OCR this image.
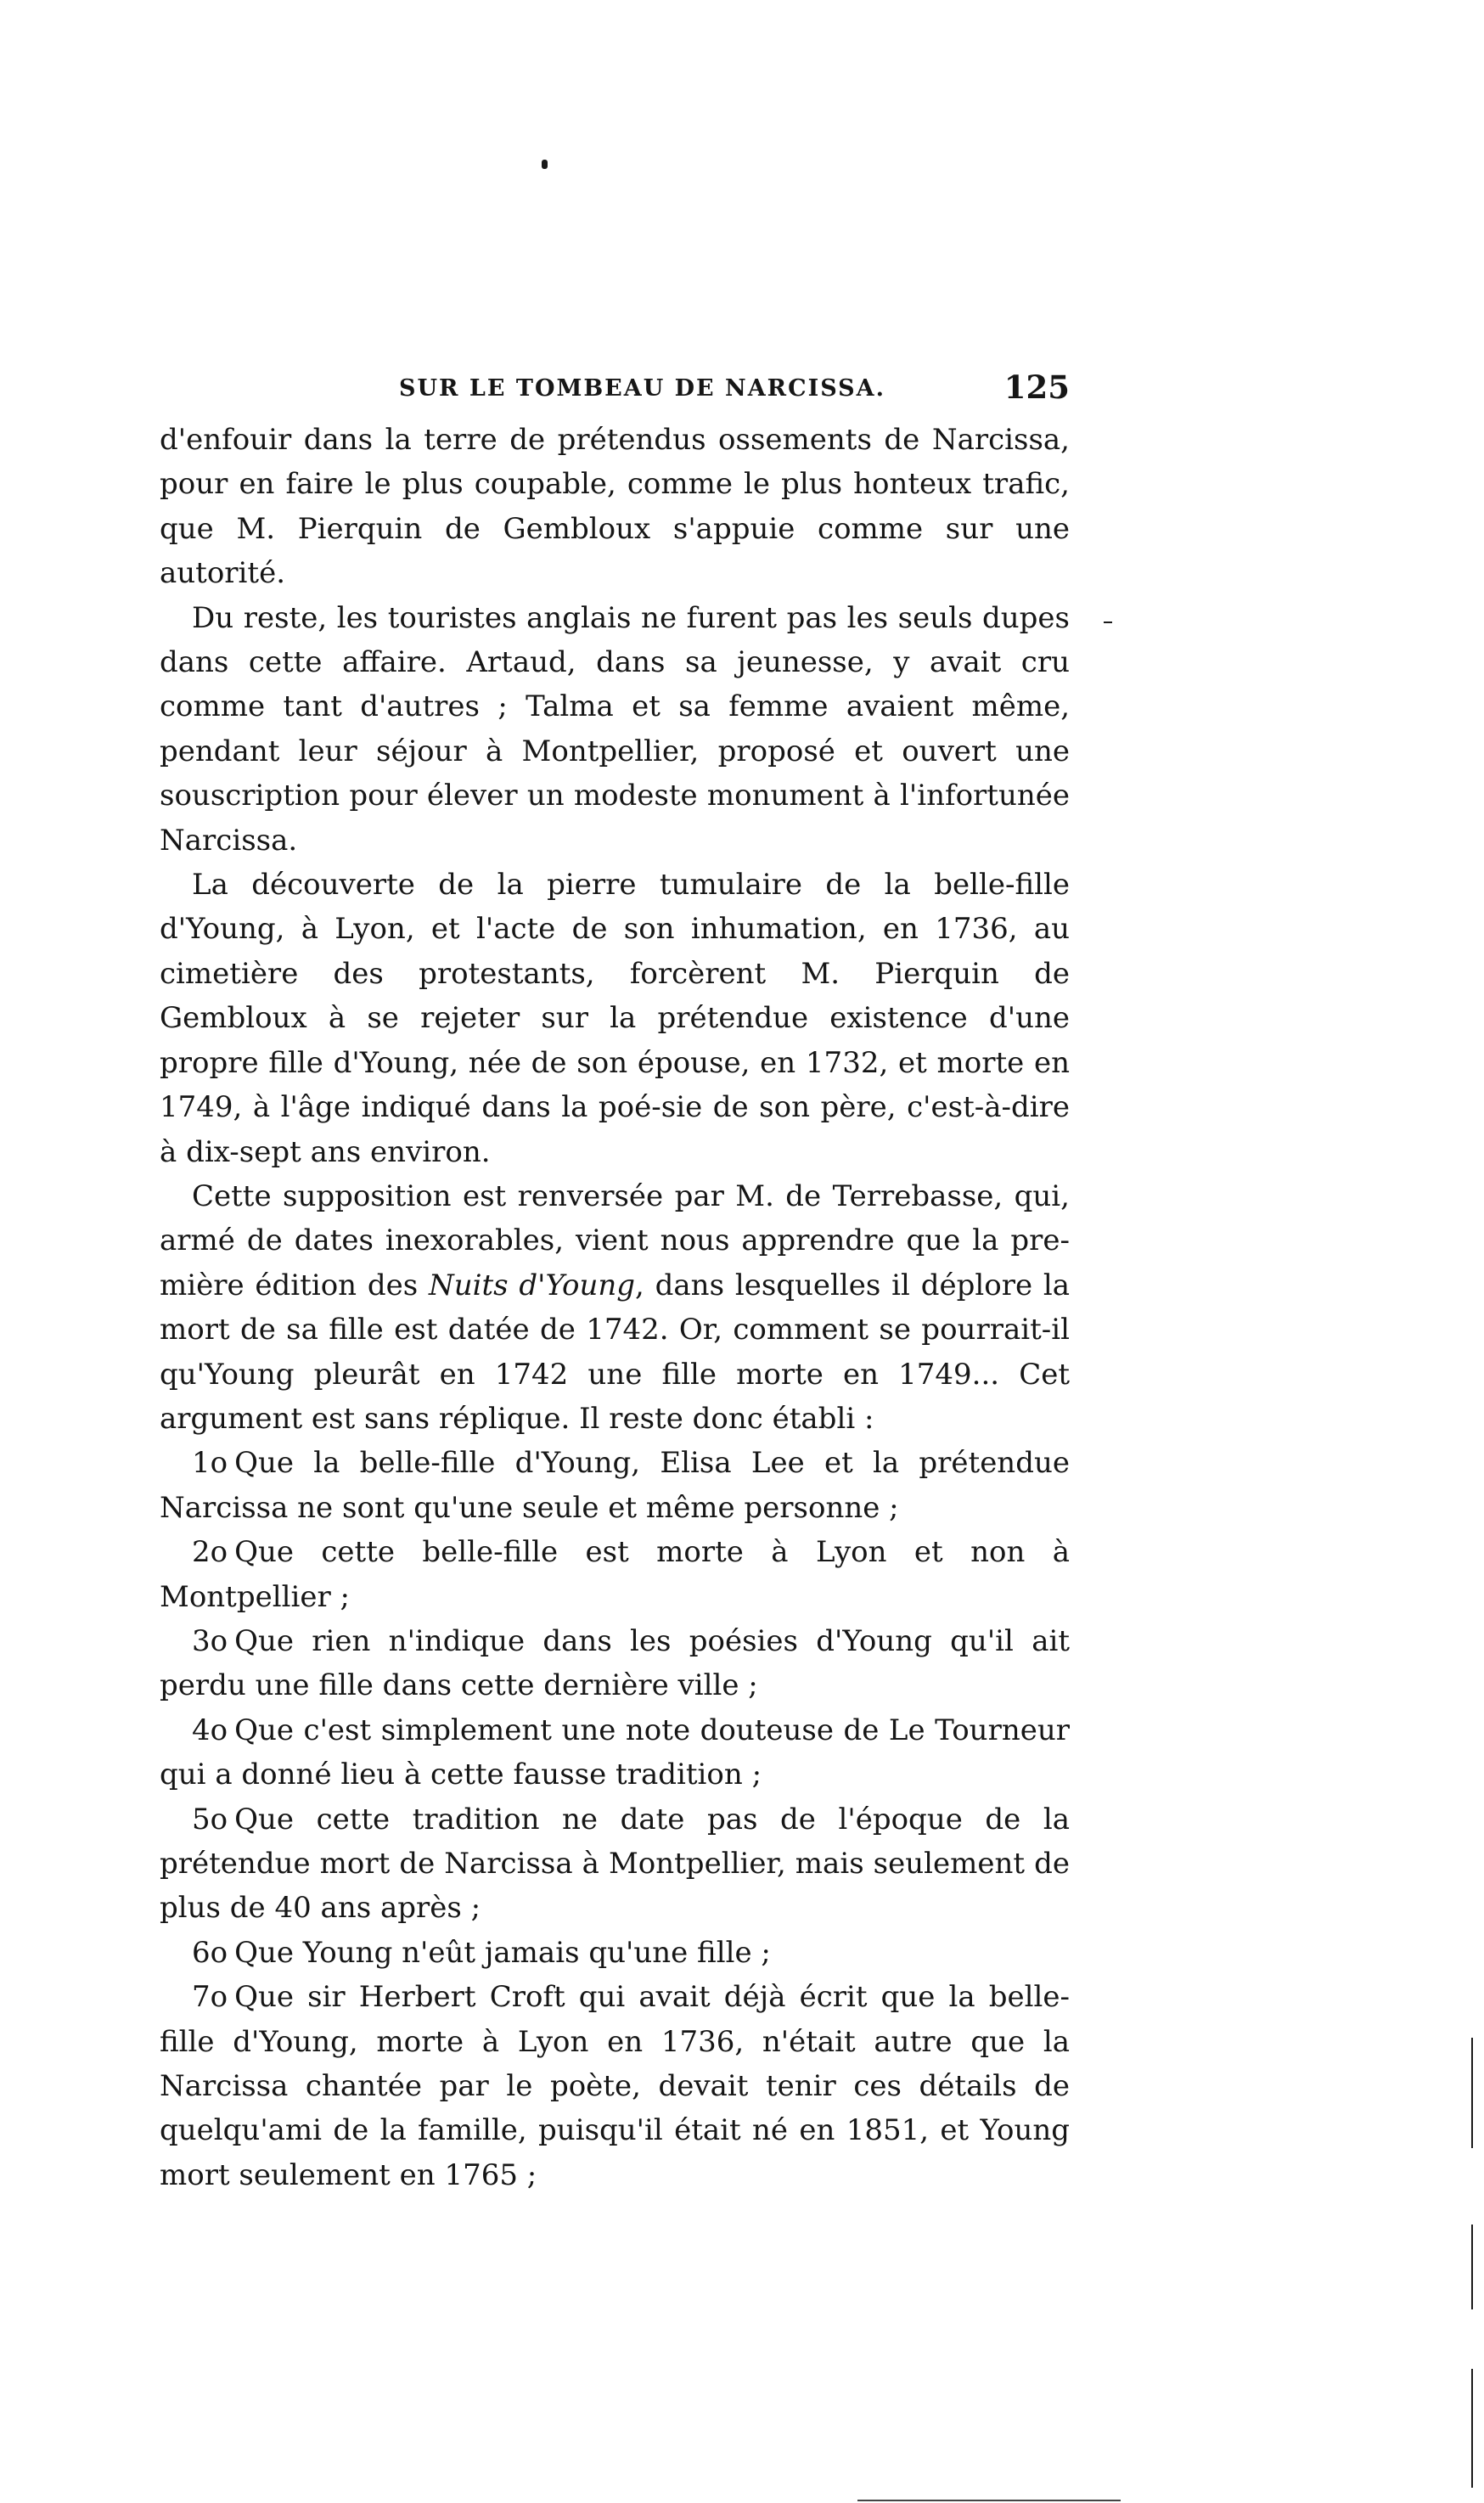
SUR LE TOMBEAU DE NARCISSA.	125

d'enfouir dans la terre de prétendus ossements de Narcissa, pour en faire le plus coupable, comme le plus honteux trafic, que M. Pierquin de Gembloux s'appuie comme sur une autorité.

Du reste, les touristes anglais ne furent pas les seuls dupes dans cette affaire. Artaud, dans sa jeunesse, y avait cru comme tant d'autres ; Talma et sa femme avaient même, pendant leur séjour à Montpellier, proposé et ouvert une souscription pour élever un modeste monument à l'infortunée Narcissa.

La découverte de la pierre tumulaire de la belle-fille d'Young, à Lyon, et l'acte de son inhumation, en 1736, au cimetière des protestants, forcèrent M. Pierquin de Gembloux à se rejeter sur la prétendue existence d'une propre fille d'Young, née de son épouse, en 1732, et morte en 1749, à l'âge indiqué dans la poé-sie de son père, c'est-à-dire à dix-sept ans environ.

Cette supposition est renversée par M. de Terrebasse, qui, armé de dates inexorables, vient nous apprendre que la pre-mière édition des Nuits d'Young, dans lesquelles il déplore la mort de sa fille est datée de 1742. Or, comment se pourrait-il qu'Young pleurât en 1742 une fille morte en 1749... Cet argument est sans réplique. Il reste donc établi :

1o Que la belle-fille d'Young, Elisa Lee et la prétendue Narcissa ne sont qu'une seule et même personne ;

2o Que cette belle-fille est morte à Lyon et non à Montpellier ;

3o Que rien n'indique dans les poésies d'Young qu'il ait perdu une fille dans cette dernière ville ;

4o Que c'est simplement une note douteuse de Le Tourneur qui a donné lieu à cette fausse tradition ;

5o Que cette tradition ne date pas de l'époque de la prétendue mort de Narcissa à Montpellier, mais seulement de plus de 40 ans après ;

6o Que Young n'eût jamais qu'une fille ;

7o Que sir Herbert Croft qui avait déjà écrit que la belle-fille d'Young, morte à Lyon en 1736, n'était autre que la Narcissa chantée par le poète, devait tenir ces détails de quelqu'ami de la famille, puisqu'il était né en 1851, et Young mort seulement en 1765 ;
